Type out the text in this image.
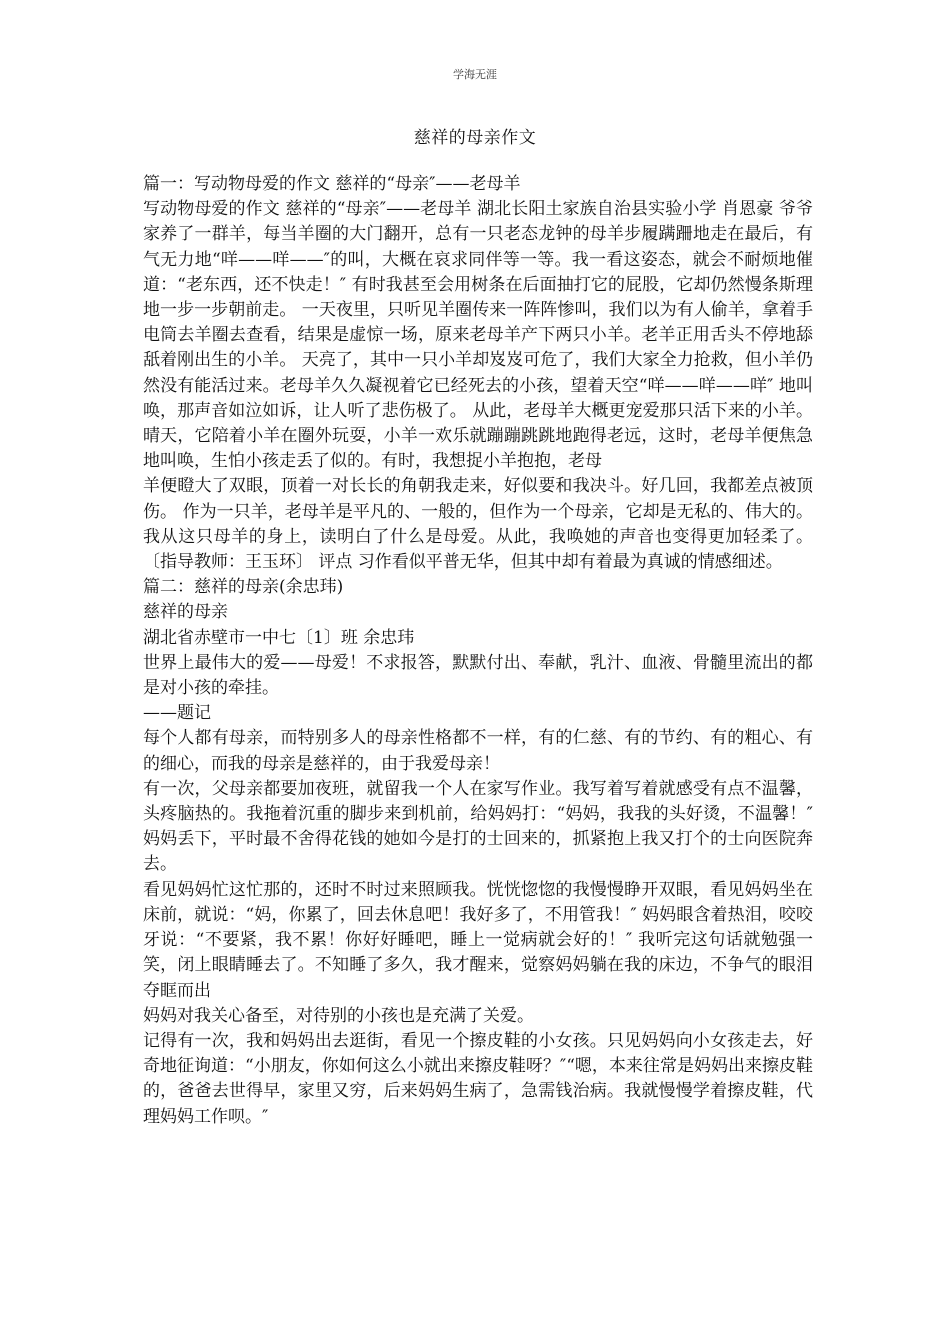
学海无涯
慈祥的母亲作文

篇一：写动物母爱的作文 慈祥的“母亲″——老母羊

写动物母爱的作文 慈祥的“母亲″——老母羊 湖北长阳土家族自治县实验小学 肖恩豪 爷爷家养了一群羊，每当羊圈的大门翻开，总有一只老态龙钟的母羊步履蹒跚地走在最后，有气无力地“咩——咩——″的叫，大概在哀求同伴等一等。我一看这姿态，就会不耐烦地催道：“老东西，还不快走！″ 有时我甚至会用树条在后面抽打它的屁股，它却仍然慢条斯理地一步一步朝前走。 一天夜里，只听见羊圈传来一阵阵惨叫，我们以为有人偷羊，拿着手电筒去羊圈去查看，结果是虚惊一场，原来老母羊产下两只小羊。老羊正用舌头不停地舔舐着刚出生的小羊。 天亮了，其中一只小羊却岌岌可危了，我们大家全力抢救，但小羊仍然没有能活过来。老母羊久久凝视着它已经死去的小孩，望着天空“咩——咩——咩″ 地叫唤，那声音如泣如诉，让人听了悲伤极了。 从此，老母羊大概更宠爱那只活下来的小羊。晴天，它陪着小羊在圈外玩耍，小羊一欢乐就蹦蹦跳跳地跑得老远，这时，老母羊便焦急地叫唤，生怕小孩走丢了似的。有时，我想捉小羊抱抱，老母

羊便瞪大了双眼，顶着一对长长的角朝我走来，好似要和我决斗。好几回，我都差点被顶伤。 作为一只羊，老母羊是平凡的、一般的，但作为一个母亲，它却是无私的、伟大的。我从这只母羊的身上，读明白了什么是母爱。从此，我唤她的声音也变得更加轻柔了。 〔指导教师：王玉环〕 评点 习作看似平普无华，但其中却有着最为真诚的情感细述。

篇二：慈祥的母亲(余忠玮)

慈祥的母亲

湖北省赤壁市一中七〔1〕班 余忠玮

世界上最伟大的爱——母爱！不求报答，默默付出、奉献，乳汁、血液、骨髓里流出的都是对小孩的牵挂。

——题记

每个人都有母亲，而特别多人的母亲性格都不一样，有的仁慈、有的节约、有的粗心、有的细心，而我的母亲是慈祥的，由于我爱母亲！

有一次，父母亲都要加夜班，就留我一个人在家写作业。我写着写着就感受有点不温馨，头疼脑热的。我拖着沉重的脚步来到机前，给妈妈打：“妈妈，我我的头好烫，不温馨！″ 妈妈丢下，平时最不舍得花钱的她如今是打的士回来的，抓紧抱上我又打个的士向医院奔去。

看见妈妈忙这忙那的，还时不时过来照顾我。恍恍惚惚的我慢慢睁开双眼，看见妈妈坐在床前，就说：“妈，你累了，回去休息吧！我好多了，不用管我！″ 妈妈眼含着热泪，咬咬牙说：“不要紧，我不累！你好好睡吧，睡上一觉病就会好的！″ 我听完这句话就勉强一笑，闭上眼睛睡去了。不知睡了多久，我才醒来，觉察妈妈躺在我的床边，不争气的眼泪夺眶而出

妈妈对我关心备至，对待别的小孩也是充满了关爱。

记得有一次，我和妈妈出去逛街，看见一个擦皮鞋的小女孩。只见妈妈向小女孩走去，好奇地征询道：“小朋友，你如何这么小就出来擦皮鞋呀？″“嗯，本来往常是妈妈出来擦皮鞋的，爸爸去世得早，家里又穷，后来妈妈生病了，急需钱治病。我就慢慢学着擦皮鞋，代理妈妈工作呗。″
